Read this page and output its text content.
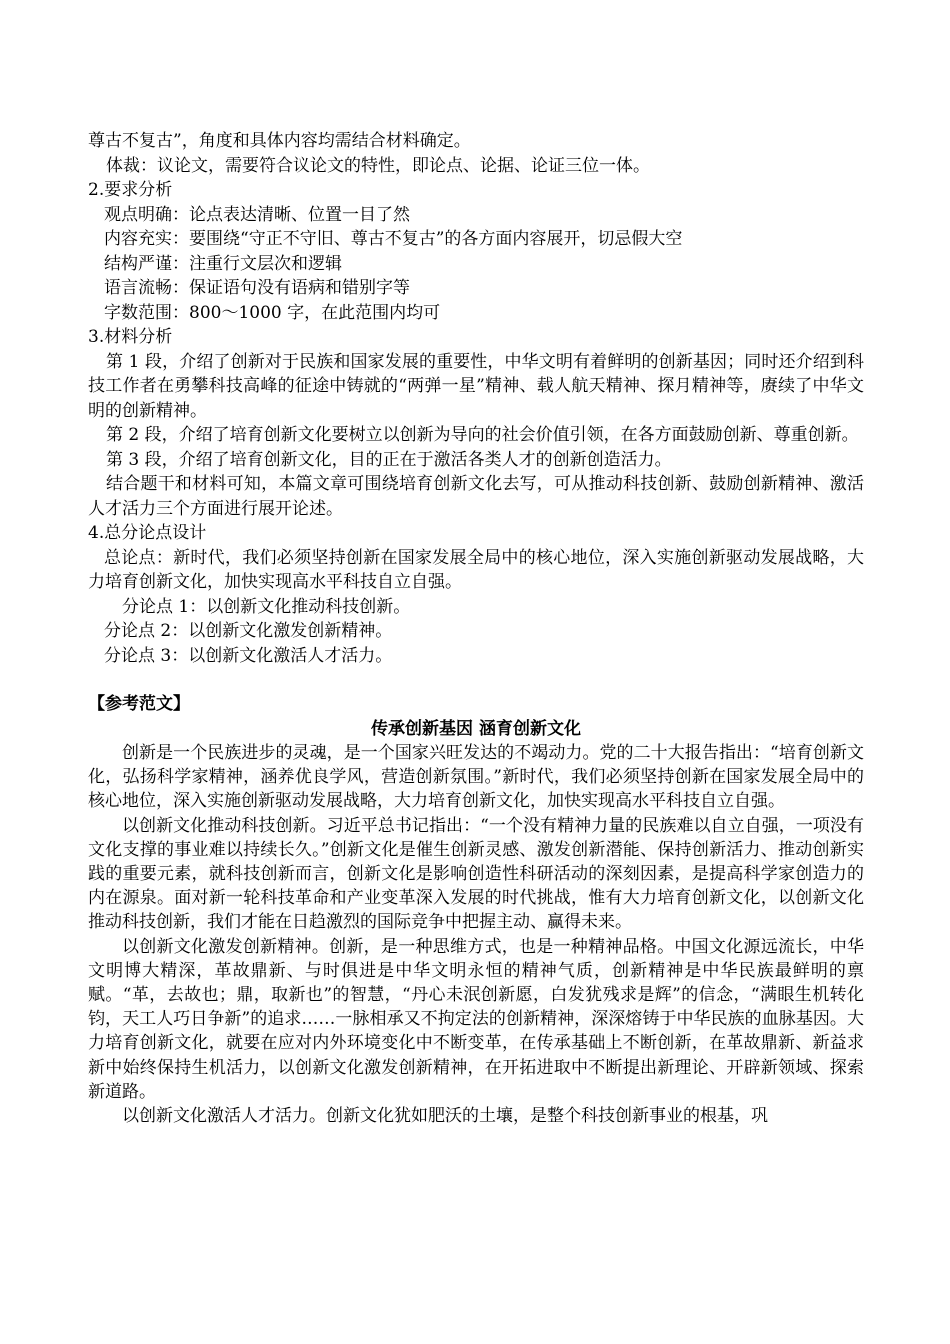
尊古不复古”，角度和具体内容均需结合材料确定。

体裁：议论文，需要符合议论文的特性，即论点、论据、论证三位一体。

2.要求分析

观点明确：论点表达清晰、位置一目了然

内容充实：要围绕“守正不守旧、尊古不复古”的各方面内容展开，切忌假大空

结构严谨：注重行文层次和逻辑

语言流畅：保证语句没有语病和错别字等

字数范围：800～1000 字，在此范围内均可

3.材料分析

第 1 段，介绍了创新对于民族和国家发展的重要性，中华文明有着鲜明的创新基因；同时还介绍到科技工作者在勇攀科技高峰的征途中铸就的“两弹一星”精神、载人航天精神、探月精神等，赓续了中华文明的创新精神。

第 2 段，介绍了培育创新文化要树立以创新为导向的社会价值引领，在各方面鼓励创新、尊重创新。

第 3 段，介绍了培育创新文化，目的正在于激活各类人才的创新创造活力。

结合题干和材料可知，本篇文章可围绕培育创新文化去写，可从推动科技创新、鼓励创新精神、激活人才活力三个方面进行展开论述。

4.总分论点设计

总论点：新时代，我们必须坚持创新在国家发展全局中的核心地位，深入实施创新驱动发展战略，大力培育创新文化，加快实现高水平科技自立自强。

分论点 1：以创新文化推动科技创新。

分论点 2：以创新文化激发创新精神。

分论点 3：以创新文化激活人才活力。

【参考范文】

传承创新基因 涵育创新文化

创新是一个民族进步的灵魂，是一个国家兴旺发达的不竭动力。党的二十大报告指出：“培育创新文化，弘扬科学家精神，涵养优良学风，营造创新氛围。”新时代，我们必须坚持创新在国家发展全局中的核心地位，深入实施创新驱动发展战略，大力培育创新文化，加快实现高水平科技自立自强。

以创新文化推动科技创新。习近平总书记指出：“一个没有精神力量的民族难以自立自强，一项没有文化支撑的事业难以持续长久。”创新文化是催生创新灵感、激发创新潜能、保持创新活力、推动创新实践的重要元素，就科技创新而言，创新文化是影响创造性科研活动的深刻因素，是提高科学家创造力的内在源泉。面对新一轮科技革命和产业变革深入发展的时代挑战，惟有大力培育创新文化，以创新文化推动科技创新，我们才能在日趋激烈的国际竞争中把握主动、赢得未来。

以创新文化激发创新精神。创新，是一种思维方式，也是一种精神品格。中国文化源远流长，中华文明博大精深，革故鼎新、与时俱进是中华文明永恒的精神气质，创新精神是中华民族最鲜明的禀赋。“革，去故也；鼎，取新也”的智慧，“丹心未泯创新愿，白发犹残求是辉”的信念，“满眼生机转化钧，天工人巧日争新”的追求……一脉相承又不拘定法的创新精神，深深熔铸于中华民族的血脉基因。大力培育创新文化，就要在应对内外环境变化中不断变革，在传承基础上不断创新，在革故鼎新、新益求新中始终保持生机活力，以创新文化激发创新精神，在开拓进取中不断提出新理论、开辟新领域、探索新道路。

以创新文化激活人才活力。创新文化犹如肥沃的土壤，是整个科技创新事业的根基，巩
